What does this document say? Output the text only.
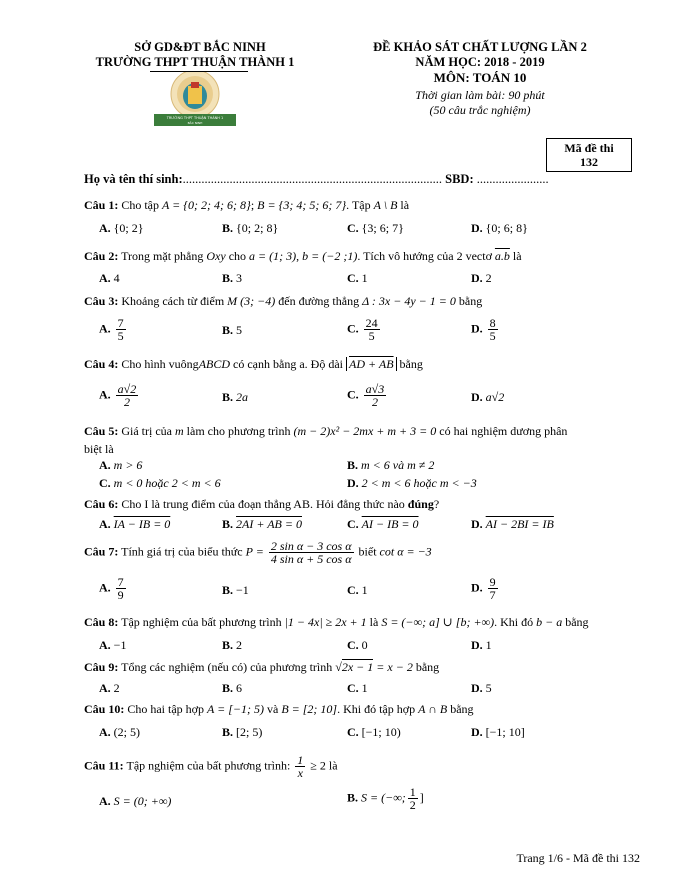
SỞ GD&ĐT BẮC NINH
TRƯỜNG THPT THUẬN THÀNH 1
TRƯỜNG THPT THUẬN THÀNH 1
BẮC NINH
ĐỀ KHẢO SÁT CHẤT LƯỢNG LẦN 2
NĂM HỌC: 2018 - 2019
MÔN: TOÁN 10
Thời gian làm bài: 90 phút
(50 câu trắc nghiệm)
Mã đề thi
132
Họ và tên thí sinh:................................................................................... SBD: .......................
Câu 1: Cho tập A = {0; 2; 4; 6; 8}; B = {3; 4; 5; 6; 7}. Tập A \ B là
A. {0; 2}	B. {0; 2; 8}	C. {3; 6; 7}	D. {0; 6; 8}
Câu 2: Trong mặt phẳng Oxy cho a = (1; 3), b = (−2 ;1). Tích vô hướng của 2 vectơ a.b là
A. 4	B. 3	C. 1	D. 2
Câu 3: Khoảng cách từ điểm M (3; −4) đến đường thẳng Δ : 3x − 4y − 1 = 0 bằng
A. $\frac{7}{5}$	B. 5	C. $\frac{24}{5}$	D. $\frac{8}{5}$
Câu 4: Cho hình vuôngABCD có cạnh bằng a. Độ dài AD + AB bằng
A. $\frac{a√2}{2}$	B. 2a	C. $\frac{a√3}{2}$	D. a√2
Câu 5: Giá trị của m làm cho phương trình (m − 2)x² − 2mx + m + 3 = 0 có hai nghiệm dương phân
biệt là
A. m > 6	B. m < 6 và m ≠ 2
C. m < 0 hoặc 2 < m < 6	D. 2 < m < 6 hoặc m < −3
Câu 6: Cho I là trung điểm của đoạn thẳng AB. Hỏi đẳng thức nào đúng?
A. IA − IB = 0	B. 2AI + AB = 0	C. AI − IB = 0	D. AI − 2BI = IB
Câu 7: Tính giá trị của biểu thức $P = \frac{\text{2 sin α − 3 cos α}}{\text{4 sin α + 5 cos α}}$ biết cot α = −3
A. $\frac{7}{9}$	B. −1	C. 1	D. $\frac{9}{7}$
Câu 8: Tập nghiệm của bất phương trình |1 − 4x| ≥ 2x + 1 là S = (−∞; a] ∪ [b; +∞). Khi đó b − a bằng
A. −1	B. 2	C. 0	D. 1
Câu 9: Tổng các nghiệm (nếu có) của phương trình √2x − 1 = x − 2 bằng
A. 2	B. 6	C. 1	D. 5
Câu 10: Cho hai tập hợp A = [−1; 5) và B = [2; 10]. Khi đó tập hợp A ∩ B bằng
A. (2; 5)	B. [2; 5)	C. [−1; 10)	D. [−1; 10]
Câu 11: Tập nghiệm của bất phương trình: $\frac{1}{x} \ge 2$ là
A. S = (0; +∞)	B. S = (−∞; $\frac{1}{2}$ ]
Trang 1/6 - Mã đề thi 132
